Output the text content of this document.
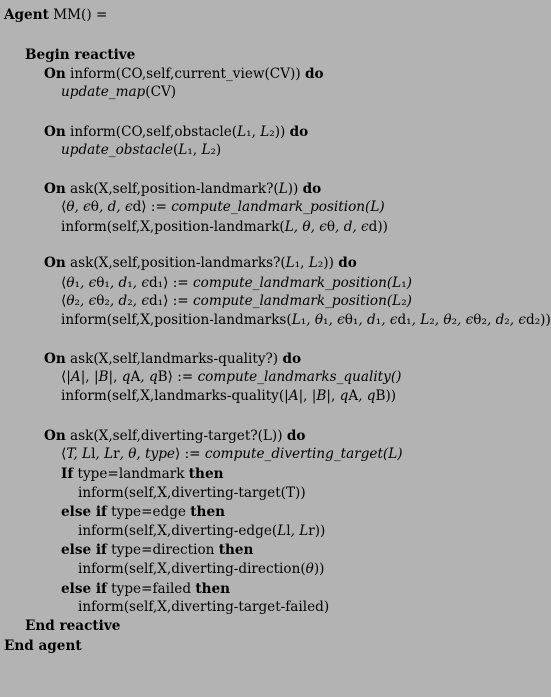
Agent MM() =
Begin reactive
On inform(CO,self,current_view(CV)) do
update_map(CV)
On inform(CO,self,obstacle(L₁, L₂)) do
update_obstacle(L₁, L₂)
On ask(X,self,position-landmark?(L)) do
⟨θ, ϵθ, d, ϵd⟩ := compute_landmark_position(L)
inform(self,X,position-landmark(L, θ, ϵθ, d, ϵd))
On ask(X,self,position-landmarks?(L₁, L₂)) do
⟨θ₁, ϵθ₁, d₁, ϵd₁⟩ := compute_landmark_position(L₁)
⟨θ₂, ϵθ₂, d₂, ϵd₁⟩ := compute_landmark_position(L₂)
inform(self,X,position-landmarks(L₁, θ₁, ϵθ₁, d₁, ϵd₁, L₂, θ₂, ϵθ₂, d₂, ϵd₂))
On ask(X,self,landmarks-quality?) do
⟨|A|, |B|, qA, qB⟩ := compute_landmarks_quality()
inform(self,X,landmarks-quality(|A|, |B|, qA, qB))
On ask(X,self,diverting-target?(L)) do
⟨T, Ll, Lr, θ, type⟩ := compute_diverting_target(L)
If type=landmark then
inform(self,X,diverting-target(T))
else if type=edge then
inform(self,X,diverting-edge(Ll, Lr))
else if type=direction then
inform(self,X,diverting-direction(θ))
else if type=failed then
inform(self,X,diverting-target-failed)
End reactive
End agent
